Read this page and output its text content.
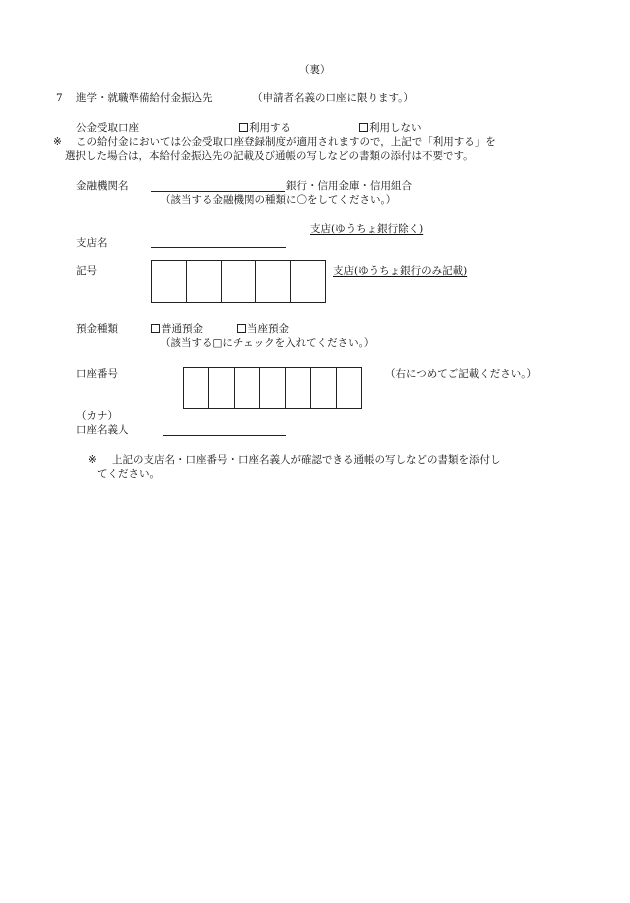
（裏）
7 進学・就職準備給付金振込先	（申請者名義の口座に限ります。）
公金受取口座	利用する	利用しない
※ この給付金においては公金受取口座登録制度が適用されますので，上記で「利用する」を
選択した場合は，本給付金振込先の記載及び通帳の写しなどの書類の添付は不要です。
金融機関名	銀行・信用金庫・信用組合
（該当する金融機関の種類に〇をしてください。）
支店(ゆうちょ銀行除く)
支店名
記号	支店(ゆうちょ銀行のみ記載)
預金種類	普通預金	当座預金
（該当する□にチェックを入れてください。）
口座番号	（右につめてご記載ください。）
（カナ）
口座名義人
※ 上記の支店名・口座番号・口座名義人が確認できる通帳の写しなどの書類を添付し
てください。
